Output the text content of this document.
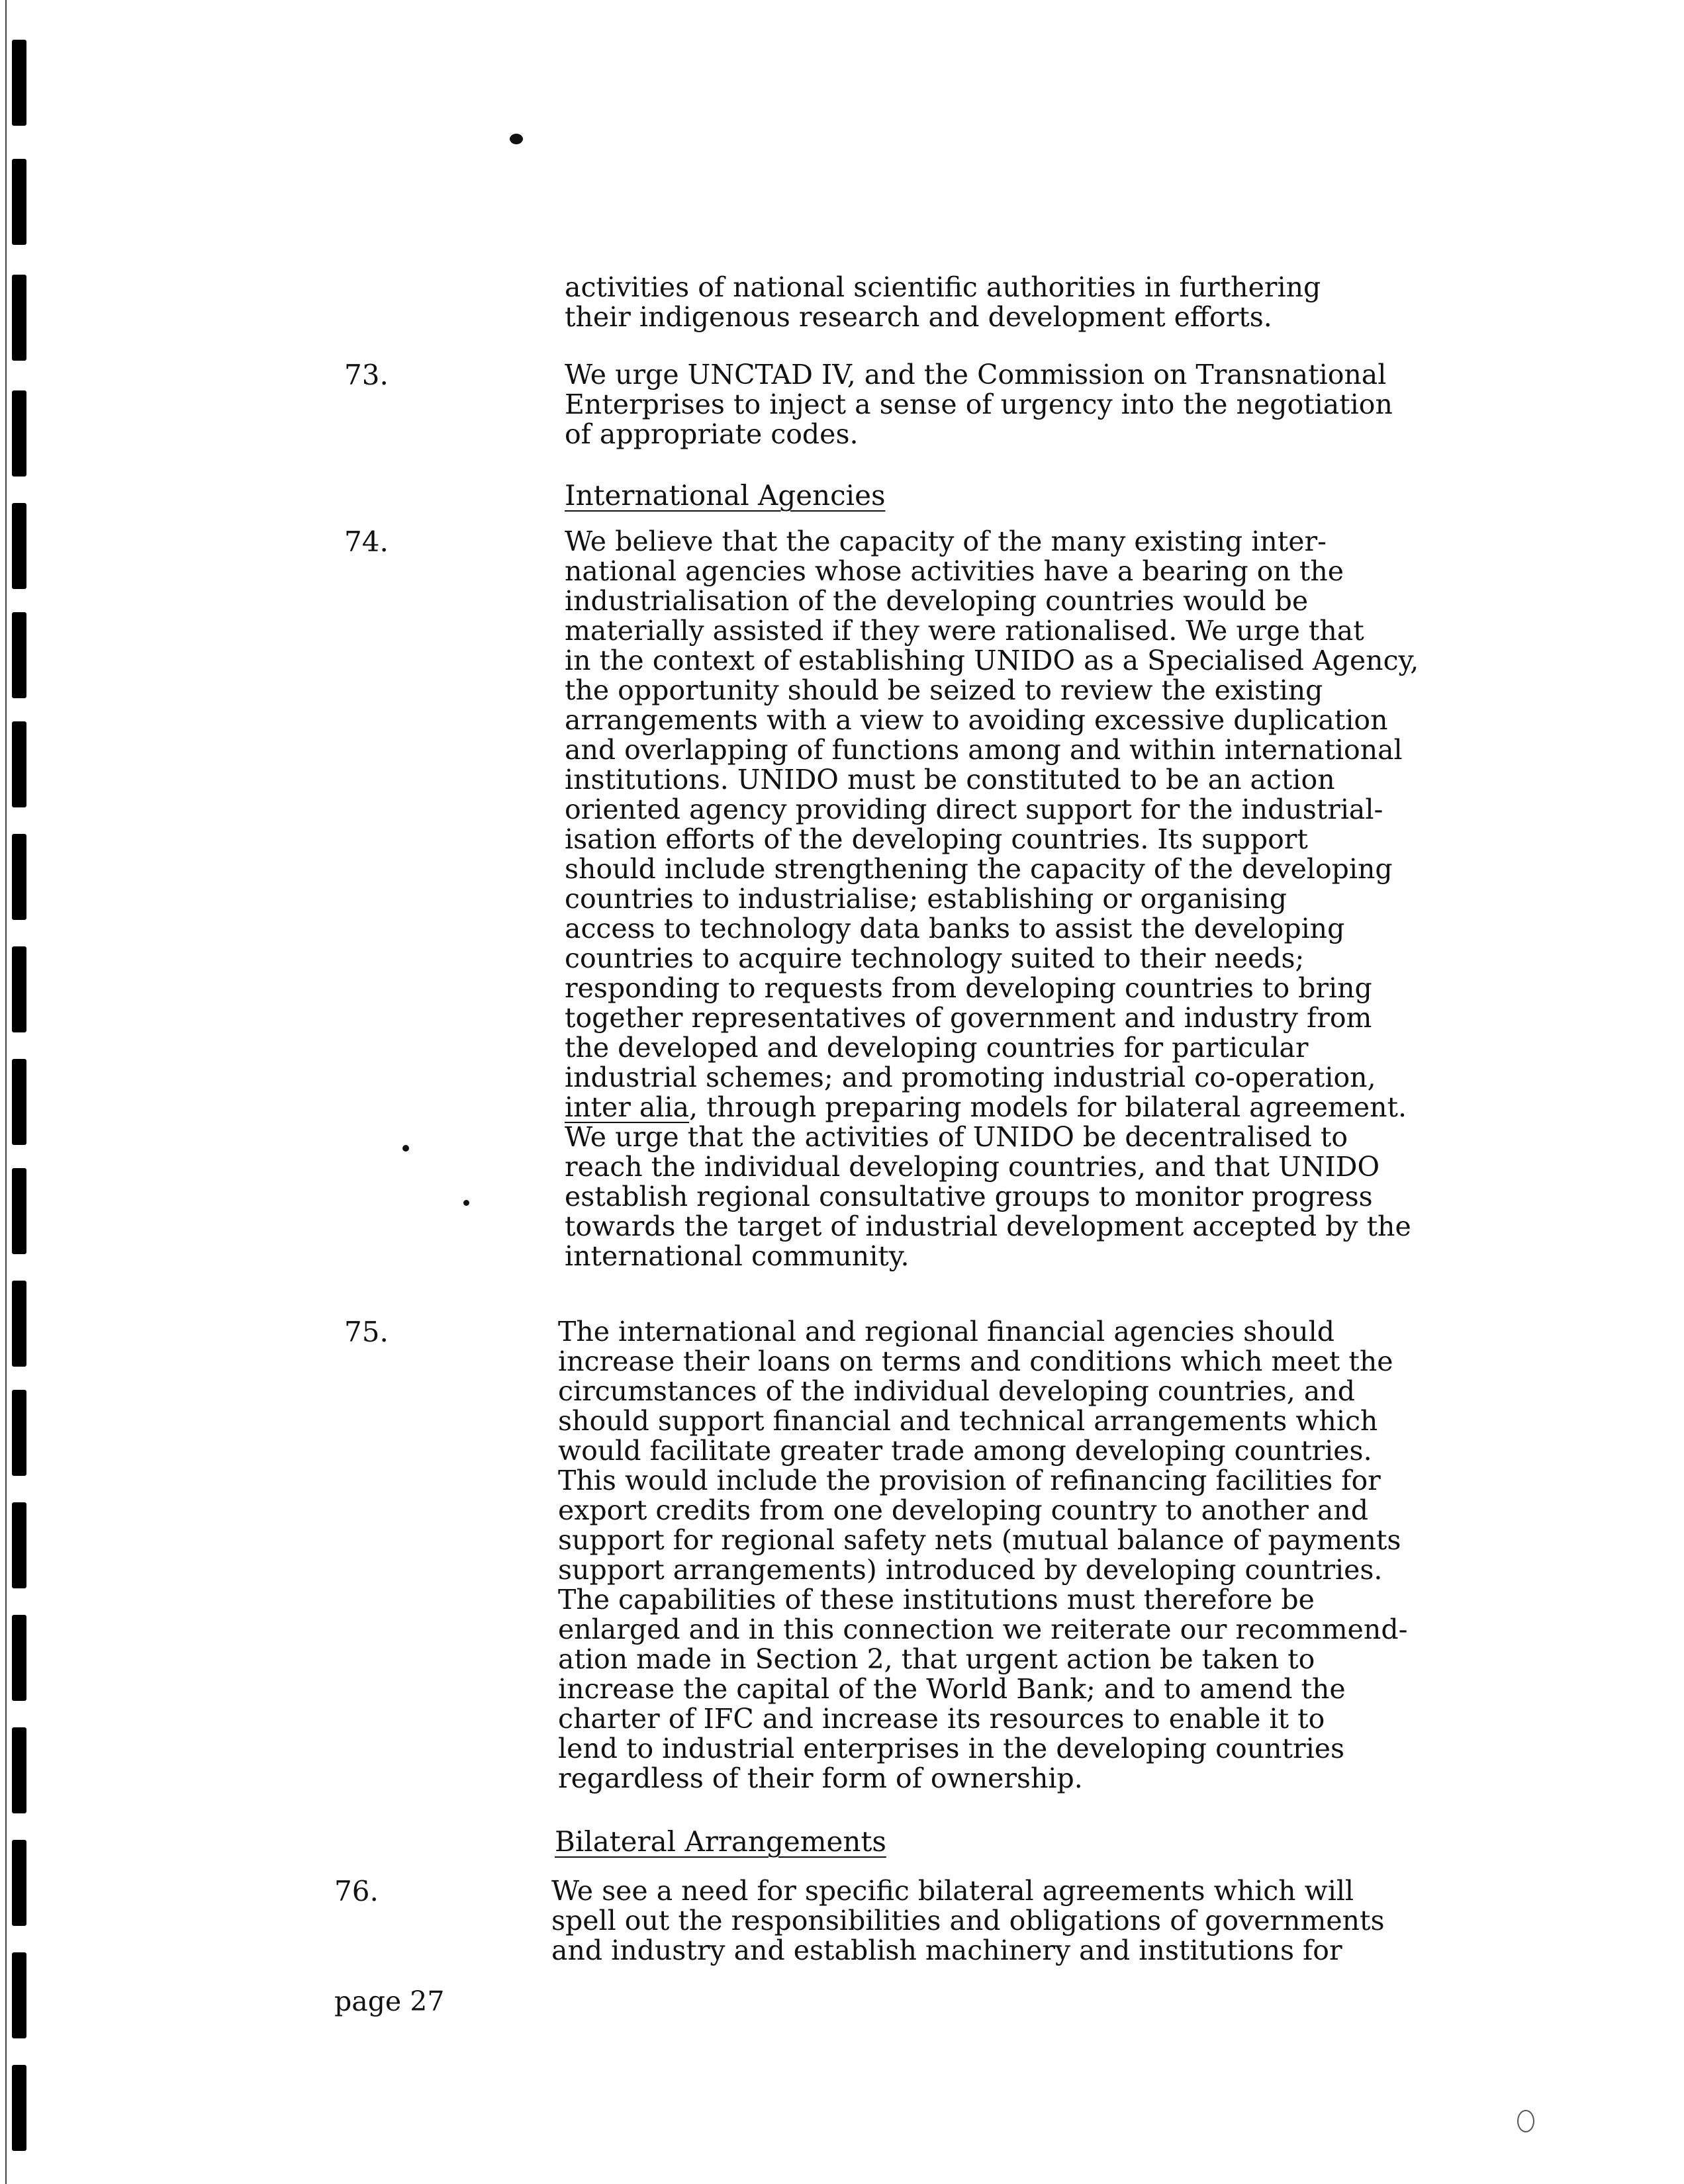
activities of national scientific authorities in furthering
their indigenous research and development efforts.
73.	We urge UNCTAD IV, and the Commission on Transnational
Enterprises to inject a sense of urgency into the negotiation
of appropriate codes.
International Agencies
74.	We believe that the capacity of the many existing inter-
national agencies whose activities have a bearing on the
industrialisation of the developing countries would be
materially assisted if they were rationalised. We urge that
in the context of establishing UNIDO as a Specialised Agency,
the opportunity should be seized to review the existing
arrangements with a view to avoiding excessive duplication
and overlapping of functions among and within international
institutions. UNIDO must be constituted to be an action
oriented agency providing direct support for the industrial-
isation efforts of the developing countries. Its support
should include strengthening the capacity of the developing
countries to industrialise; establishing or organising
access to technology data banks to assist the developing
countries to acquire technology suited to their needs;
responding to requests from developing countries to bring
together representatives of government and industry from
the developed and developing countries for particular
industrial schemes; and promoting industrial co-operation,
inter alia, through preparing models for bilateral agreement.
We urge that the activities of UNIDO be decentralised to
reach the individual developing countries, and that UNIDO
establish regional consultative groups to monitor progress
towards the target of industrial development accepted by the
international community.
75.	The international and regional financial agencies should
increase their loans on terms and conditions which meet the
circumstances of the individual developing countries, and
should support financial and technical arrangements which
would facilitate greater trade among developing countries.
This would include the provision of refinancing facilities for
export credits from one developing country to another and
support for regional safety nets (mutual balance of payments
support arrangements) introduced by developing countries.
The capabilities of these institutions must therefore be
enlarged and in this connection we reiterate our recommend-
ation made in Section 2, that urgent action be taken to
increase the capital of the World Bank; and to amend the
charter of IFC and increase its resources to enable it to
lend to industrial enterprises in the developing countries
regardless of their form of ownership.
Bilateral Arrangements
76.	We see a need for specific bilateral agreements which will
spell out the responsibilities and obligations of governments
and industry and establish machinery and institutions for
page 27
